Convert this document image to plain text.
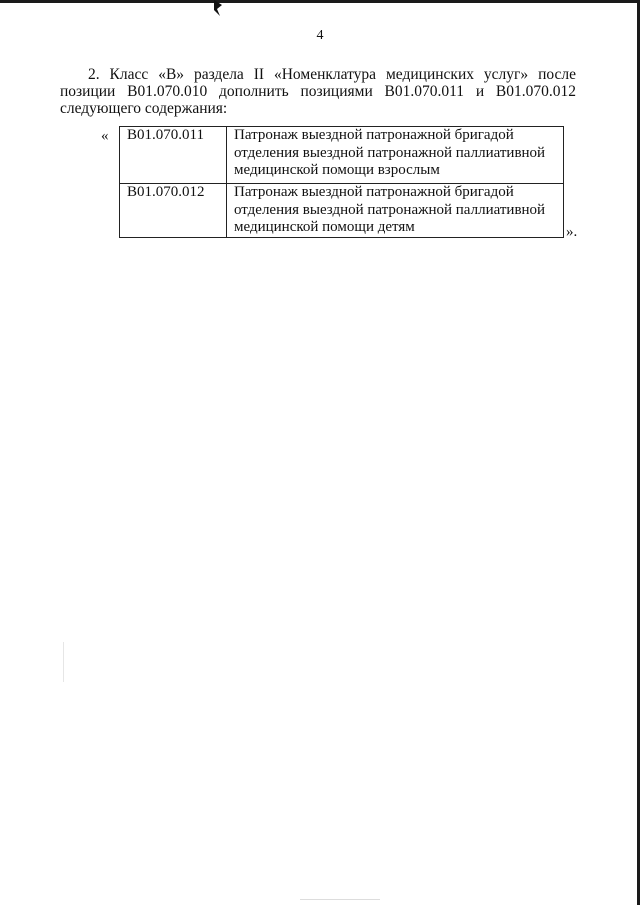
4
2. Класс «В» раздела II «Номенклатура медицинских услуг» после позиции В01.070.010 дополнить позициями В01.070.011 и В01.070.012 следующего содержания:
« В01.070.011	Патронаж выездной патронажной бригадой отделения выездной патронажной паллиативной медицинской помощи взрослым
В01.070.012	Патронаж выездной патронажной бригадой отделения выездной патронажной паллиативной медицинской помощи детям	».
